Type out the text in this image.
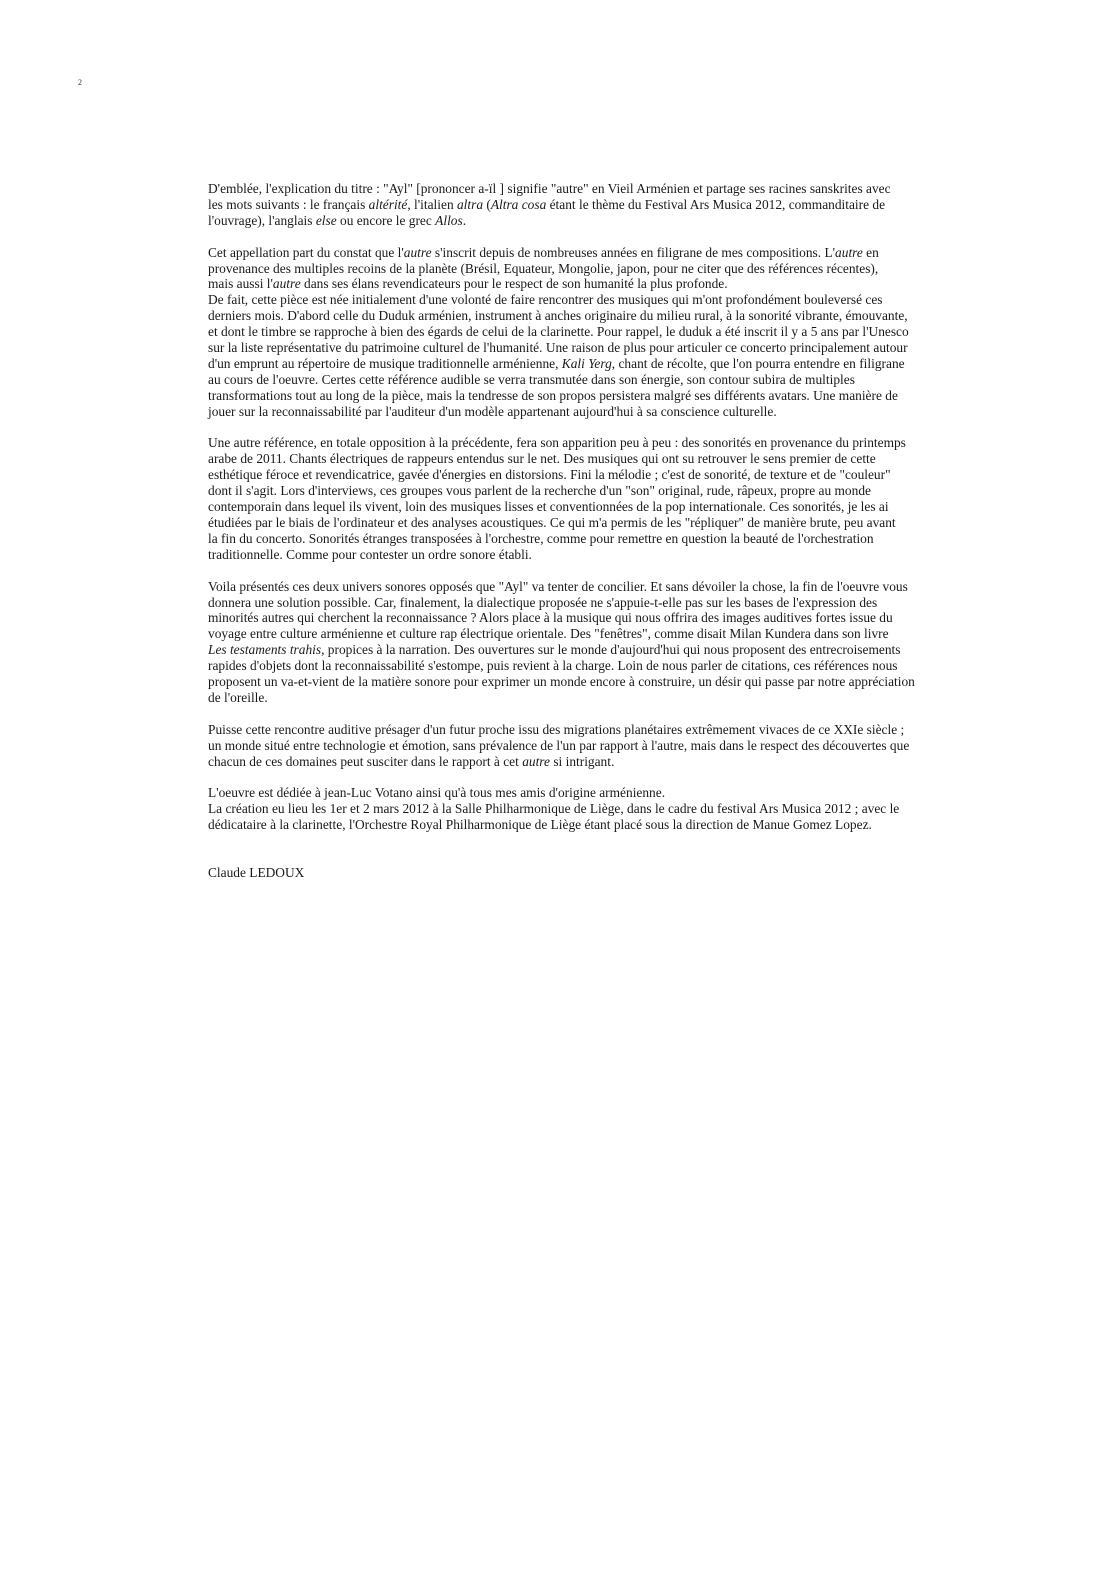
2

D'emblée, l'explication du titre : "Ayl" [prononcer a-ïl ] signifie "autre" en Vieil Arménien et partage ses racines sanskrites avec
les mots suivants : le français altérité, l'italien altra (Altra cosa étant le thème du Festival Ars Musica 2012, commanditaire de
l'ouvrage), l'anglais else ou encore le grec Allos.

Cet appellation part du constat que l'autre s'inscrit depuis de nombreuses années en filigrane de mes compositions. L'autre en
provenance des multiples recoins de la planète (Brésil, Equateur, Mongolie, japon, pour ne citer que des références récentes),
mais aussi l'autre dans ses élans revendicateurs pour le respect de son humanité la plus profonde.
De fait, cette pièce est née initialement d'une volonté de faire rencontrer des musiques qui m'ont profondément bouleversé ces
derniers mois. D'abord celle du Duduk arménien, instrument à anches originaire du milieu rural, à la sonorité vibrante, émouvante,
et dont le timbre se rapproche à bien des égards de celui de la clarinette. Pour rappel, le duduk a été inscrit il y a 5 ans par l'Unesco
sur la liste représentative du patrimoine culturel de l'humanité. Une raison de plus pour articuler ce concerto principalement autour
d'un emprunt au répertoire de musique traditionnelle arménienne, Kali Yerg, chant de récolte, que l'on pourra entendre en filigrane
au cours de l'oeuvre. Certes cette référence audible se verra transmutée dans son énergie, son contour subira de multiples
transformations tout au long de la pièce, mais la tendresse de son propos persistera malgré ses différents avatars. Une manière de
jouer sur la reconnaissabilité par l'auditeur d'un modèle appartenant aujourd'hui à sa conscience culturelle.

Une autre référence, en totale opposition à la précédente, fera son apparition peu à peu : des sonorités en provenance du printemps
arabe de 2011. Chants électriques de rappeurs entendus sur le net. Des musiques qui ont su retrouver le sens premier de cette
esthétique féroce et revendicatrice, gavée d'énergies en distorsions. Fini la mélodie ; c'est de sonorité, de texture et de "couleur"
dont il s'agit. Lors d'interviews, ces groupes vous parlent de la recherche d'un "son" original, rude, râpeux, propre au monde
contemporain dans lequel ils vivent, loin des musiques lisses et conventionnées de la pop internationale. Ces sonorités, je les ai
étudiées par le biais de l'ordinateur et des analyses acoustiques. Ce qui m'a permis de les "répliquer" de manière brute, peu avant
la fin du concerto. Sonorités étranges transposées à l'orchestre, comme pour remettre en question la beauté de l'orchestration
traditionnelle. Comme pour contester un ordre sonore établi.

Voila présentés ces deux univers sonores opposés que "Ayl" va tenter de concilier. Et sans dévoiler la chose, la fin de l'oeuvre vous
donnera une solution possible. Car, finalement, la dialectique proposée ne s'appuie-t-elle pas sur les bases de l'expression des
minorités autres qui cherchent la reconnaissance ? Alors place à la musique qui nous offrira des images auditives fortes issue du
voyage entre culture arménienne et culture rap électrique orientale. Des "fenêtres", comme disait Milan Kundera dans son livre
Les testaments trahis, propices à la narration. Des ouvertures sur le monde d'aujourd'hui qui nous proposent des entrecroisements
rapides d'objets dont la reconnaissabilité s'estompe, puis revient à la charge. Loin de nous parler de citations, ces références nous
proposent un va-et-vient de la matière sonore pour exprimer un monde encore à construire, un désir qui passe par notre appréciation
de l'oreille.

Puisse cette rencontre auditive présager d'un futur proche issu des migrations planétaires extrêmement vivaces de ce XXIe siècle ;
un monde situé entre technologie et émotion, sans prévalence de l'un par rapport à l'autre, mais dans le respect des découvertes que
chacun de ces domaines peut susciter dans le rapport à cet autre si intrigant.

L'oeuvre est dédiée à jean-Luc Votano ainsi qu'à tous mes amis d'origine arménienne.
La création eu lieu les 1er et 2 mars 2012 à la Salle Philharmonique de Liège, dans le cadre du festival Ars Musica 2012 ; avec le
dédicataire à la clarinette, l'Orchestre Royal Philharmonique de Liège étant placé sous la direction de Manue Gomez Lopez.

Claude LEDOUX
